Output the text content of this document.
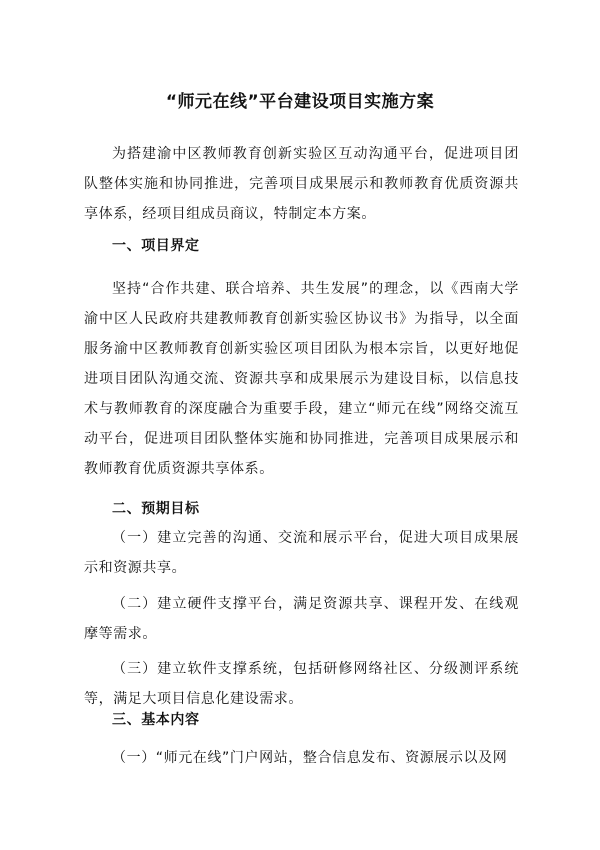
“师元在线”平台建设项目实施方案
为搭建渝中区教师教育创新实验区互动沟通平台，促进项目团队整体实施和协同推进，完善项目成果展示和教师教育优质资源共享体系，经项目组成员商议，特制定本方案。
一、项目界定
坚持“合作共建、联合培养、共生发展”的理念，以《西南大学 渝中区人民政府共建教师教育创新实验区协议书》为指导，以全面服务渝中区教师教育创新实验区项目团队为根本宗旨，以更好地促进项目团队沟通交流、资源共享和成果展示为建设目标，以信息技术与教师教育的深度融合为重要手段，建立“师元在线”网络交流互动平台，促进项目团队整体实施和协同推进，完善项目成果展示和教师教育优质资源共享体系。
二、预期目标
（一）建立完善的沟通、交流和展示平台，促进大项目成果展示和资源共享。
（二）建立硬件支撑平台，满足资源共享、课程开发、在线观摩等需求。
（三）建立软件支撑系统，包括研修网络社区、分级测评系统等，满足大项目信息化建设需求。
三、基本内容
（一）“师元在线”门户网站，整合信息发布、资源展示以及网
